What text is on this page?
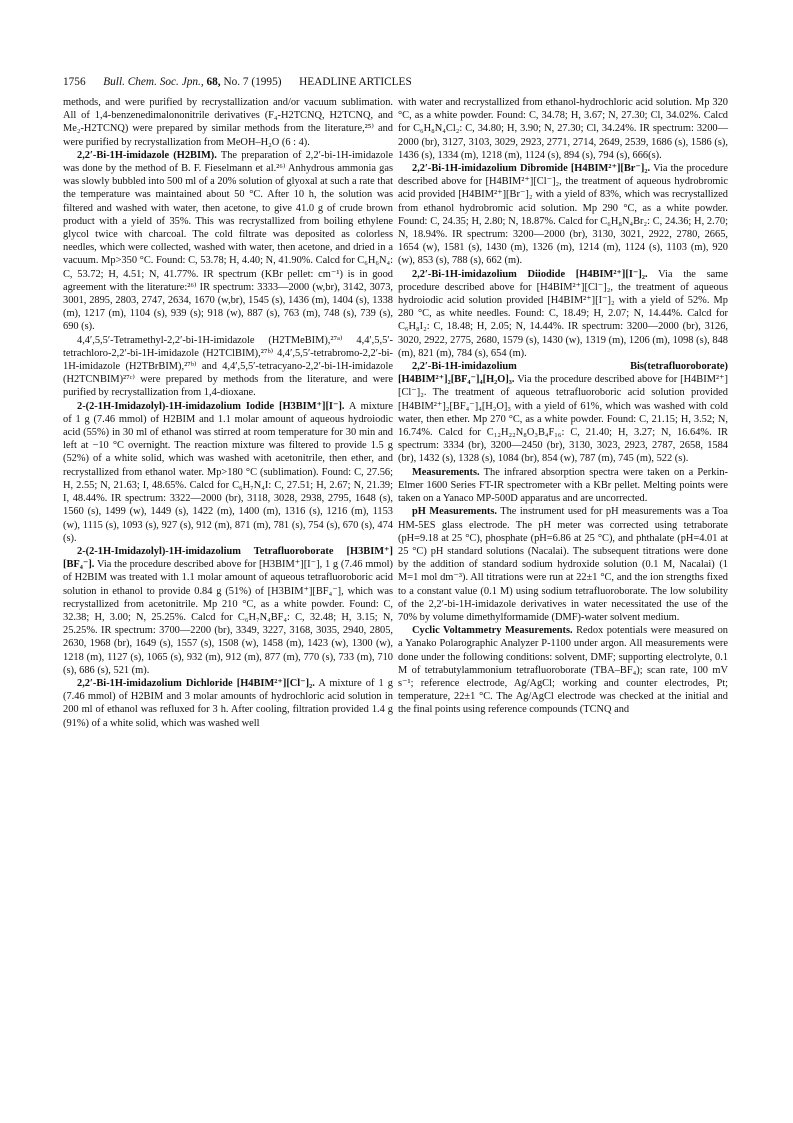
1756 Bull. Chem. Soc. Jpn., 68, No. 7 (1995) HEADLINE ARTICLES

methods, and were purified by recrystallization and/or vacuum sublimation. All of 1,4-benzenedimalononitrile derivatives (F₄-H2TCNQ, H2TCNQ, and Me₂-H2TCNQ) were prepared by similar methods from the literature,²⁵⁾ and were purified by recrystallization from MeOH–H₂O (6 : 4).

2,2′-Bi-1H-imidazole (H2BIM). The preparation of 2,2′-bi-1H-imidazole was done by the method of B. F. Fieselmann et al.²⁶⁾ Anhydrous ammonia gas was slowly bubbled into 500 ml of a 20% solution of glyoxal at such a rate that the temperature was maintained about 50 °C. After 10 h, the solution was filtered and washed with water, then acetone, to give 41.0 g of crude brown product with a yield of 35%. This was recrystallized from boiling ethylene glycol twice with charcoal. The cold filtrate was deposited as colorless needles, which were collected, washed with water, then acetone, and dried in a vacuum. Mp>350 °C. Found: C, 53.78; H, 4.40; N, 41.90%. Calcd for C₆H₆N₄: C, 53.72; H, 4.51; N, 41.77%. IR spectrum (KBr pellet: cm⁻¹) is in good agreement with the literature:²⁶⁾ IR spectrum: 3333—2000 (w,br), 3142, 3073, 3001, 2895, 2803, 2747, 2634, 1670 (w,br), 1545 (s), 1436 (m), 1404 (s), 1338 (m), 1217 (m), 1104 (s), 939 (s); 918 (w), 887 (s), 763 (m), 748 (s), 739 (s), 690 (s).

4,4′,5,5′-Tetramethyl-2,2′-bi-1H-imidazole (H2TMeBIM),²⁷ᵃ⁾ 4,4′,5,5′-tetrachloro-2,2′-bi-1H-imidazole (H2TClBIM),²⁷ᵇ⁾ 4,4′,5,5′-tetrabromo-2,2′-bi-1H-imidazole (H2TBrBIM),²⁷ᵇ⁾ and 4,4′,5,5′-tetracyano-2,2′-bi-1H-imidazole (H2TCNBIM)²⁷ᶜ⁾ were prepared by methods from the literature, and were purified by recrystallization from 1,4-dioxane.

2-(2-1H-Imidazolyl)-1H-imidazolium Iodide [H3BIM⁺][I⁻]. A mixture of 1 g (7.46 mmol) of H2BIM and 1.1 molar amount of aqueous hydroiodic acid (55%) in 30 ml of ethanol was stirred at room temperature for 30 min and left at −10 °C overnight. The reaction mixture was filtered to provide 1.5 g (52%) of a white solid, which was washed with acetonitrile, then ether, and recrystallized from ethanol water. Mp>180 °C (sublimation). Found: C, 27.56; H, 2.55; N, 21.63; I, 48.65%. Calcd for C₆H₇N₄I: C, 27.51; H, 2.67; N, 21.39; I, 48.44%. IR spectrum: 3322—2000 (br), 3118, 3028, 2938, 2795, 1648 (s), 1560 (s), 1499 (w), 1449 (s), 1422 (m), 1400 (m), 1316 (s), 1216 (m), 1153 (w), 1115 (s), 1093 (s), 927 (s), 912 (m), 871 (m), 781 (s), 754 (s), 670 (s), 474 (s).

2-(2-1H-Imidazolyl)-1H-imidazolium Tetrafluoroborate [H3BIM⁺][BF₄⁻]. Via the procedure described above for [H3BIM⁺][I⁻], 1 g (7.46 mmol) of H2BIM was treated with 1.1 molar amount of aqueous tetrafluoroboric acid solution in ethanol to provide 0.84 g (51%) of [H3BIM⁺][BF₄⁻], which was recrystallized from acetonitrile. Mp 210 °C, as a white powder. Found: C, 32.38; H, 3.00; N, 25.25%. Calcd for C₆H₇N₄BF₄: C, 32.48; H, 3.15; N, 25.25%. IR spectrum: 3700—2200 (br), 3349, 3227, 3168, 3035, 2940, 2805, 2630, 1968 (br), 1649 (s), 1557 (s), 1508 (w), 1458 (m), 1423 (w), 1300 (w), 1218 (m), 1127 (s), 1065 (s), 932 (m), 912 (m), 877 (m), 770 (s), 733 (m), 710 (s), 686 (s), 521 (m).

2,2′-Bi-1H-imidazolium Dichloride [H4BIM²⁺][Cl⁻]₂. A mixture of 1 g (7.46 mmol) of H2BIM and 3 molar amounts of hydrochloric acid solution in 200 ml of ethanol was refluxed for 3 h. After cooling, filtration provided 1.4 g (91%) of a white solid, which was washed well

with water and recrystallized from ethanol-hydrochloric acid solution. Mp 320 °C, as a white powder. Found: C, 34.78; H, 3.67; N, 27.30; Cl, 34.02%. Calcd for C₆H₈N₄Cl₂: C, 34.80; H, 3.90; N, 27.30; Cl, 34.24%. IR spectrum: 3200—2000 (br), 3127, 3103, 3029, 2923, 2771, 2714, 2649, 2539, 1686 (s), 1586 (s), 1436 (s), 1334 (m), 1218 (m), 1124 (s), 894 (s), 794 (s), 666(s).

2,2′-Bi-1H-imidazolium Dibromide [H4BIM²⁺][Br⁻]₂. Via the procedure described above for [H4BIM²⁺][Cl⁻]₂, the treatment of aqueous hydrobromic acid provided [H4BIM²⁺][Br⁻]₂ with a yield of 83%, which was recrystallized from ethanol hydrobromic acid solution. Mp 290 °C, as a white powder. Found: C, 24.35; H, 2.80; N, 18.87%. Calcd for C₆H₈N₄Br₂: C, 24.36; H, 2.70; N, 18.94%. IR spectrum: 3200—2000 (br), 3130, 3021, 2922, 2780, 2665, 1654 (w), 1581 (s), 1430 (m), 1326 (m), 1214 (m), 1124 (s), 1103 (m), 920 (w), 853 (s), 788 (s), 662 (m).

2,2′-Bi-1H-imidazolium Diiodide [H4BIM²⁺][I⁻]₂. Via the same procedure described above for [H4BIM²⁺][Cl⁻]₂, the treatment of aqueous hydroiodic acid solution provided [H4BIM²⁺][I⁻]₂ with a yield of 52%. Mp 280 °C, as white needles. Found: C, 18.49; H, 2.07; N, 14.44%. Calcd for C₆H₈I₂: C, 18.48; H, 2.05; N, 14.44%. IR spectrum: 3200—2000 (br), 3126, 3020, 2922, 2775, 2680, 1579 (s), 1430 (w), 1319 (m), 1206 (m), 1098 (s), 848 (m), 821 (m), 784 (s), 654 (m).

2,2′-Bi-1H-imidazolium Bis(tetrafluoroborate) [H4BIM²⁺]₂[BF₄⁻]₄[H₂O]₃. Via the procedure described above for [H4BIM²⁺][Cl⁻]₂. The treatment of aqueous tetrafluoroboric acid solution provided [H4BIM²⁺]₂[BF₄⁻]₄[H₂O]₃ with a yield of 61%, which was washed with cold water, then ether. Mp 270 °C, as a white powder. Found: C, 21.15; H, 3.52; N, 16.74%. Calcd for C₁₂H₂₂N₈O₃B₄F₁₆: C, 21.40; H, 3.27; N, 16.64%. IR spectrum: 3334 (br), 3200—2450 (br), 3130, 3023, 2923, 2787, 2658, 1584 (br), 1432 (s), 1328 (s), 1084 (br), 854 (w), 787 (m), 745 (m), 522 (s).

Measurements. The infrared absorption spectra were taken on a Perkin-Elmer 1600 Series FT-IR spectrometer with a KBr pellet. Melting points were taken on a Yanaco MP-500D apparatus and are uncorrected.

pH Measurements. The instrument used for pH measurements was a Toa HM-5ES glass electrode. The pH meter was corrected using tetraborate (pH=9.18 at 25 °C), phosphate (pH=6.86 at 25 °C), and phthalate (pH=4.01 at 25 °C) pH standard solutions (Nacalai). The subsequent titrations were done by the addition of standard sodium hydroxide solution (0.1 M, Nacalai) (1 M=1 mol dm⁻³). All titrations were run at 22±1 °C, and the ion strengths fixed to a constant value (0.1 M) using sodium tetrafluoroborate. The low solubility of the 2,2′-bi-1H-imidazole derivatives in water necessitated the use of the 70% by volume dimethylformamide (DMF)-water solvent medium.

Cyclic Voltammetry Measurements. Redox potentials were measured on a Yanako Polarographic Analyzer P-1100 under argon. All measurements were done under the following conditions: solvent, DMF; supporting electrolyte, 0.1 M of tetrabutylammonium tetrafluoroborate (TBA–BF₄); scan rate, 100 mV s⁻¹; reference electrode, Ag/AgCl; working and counter electrodes, Pt; temperature, 22±1 °C. The Ag/AgCl electrode was checked at the initial and the final points using reference compounds (TCNQ and
